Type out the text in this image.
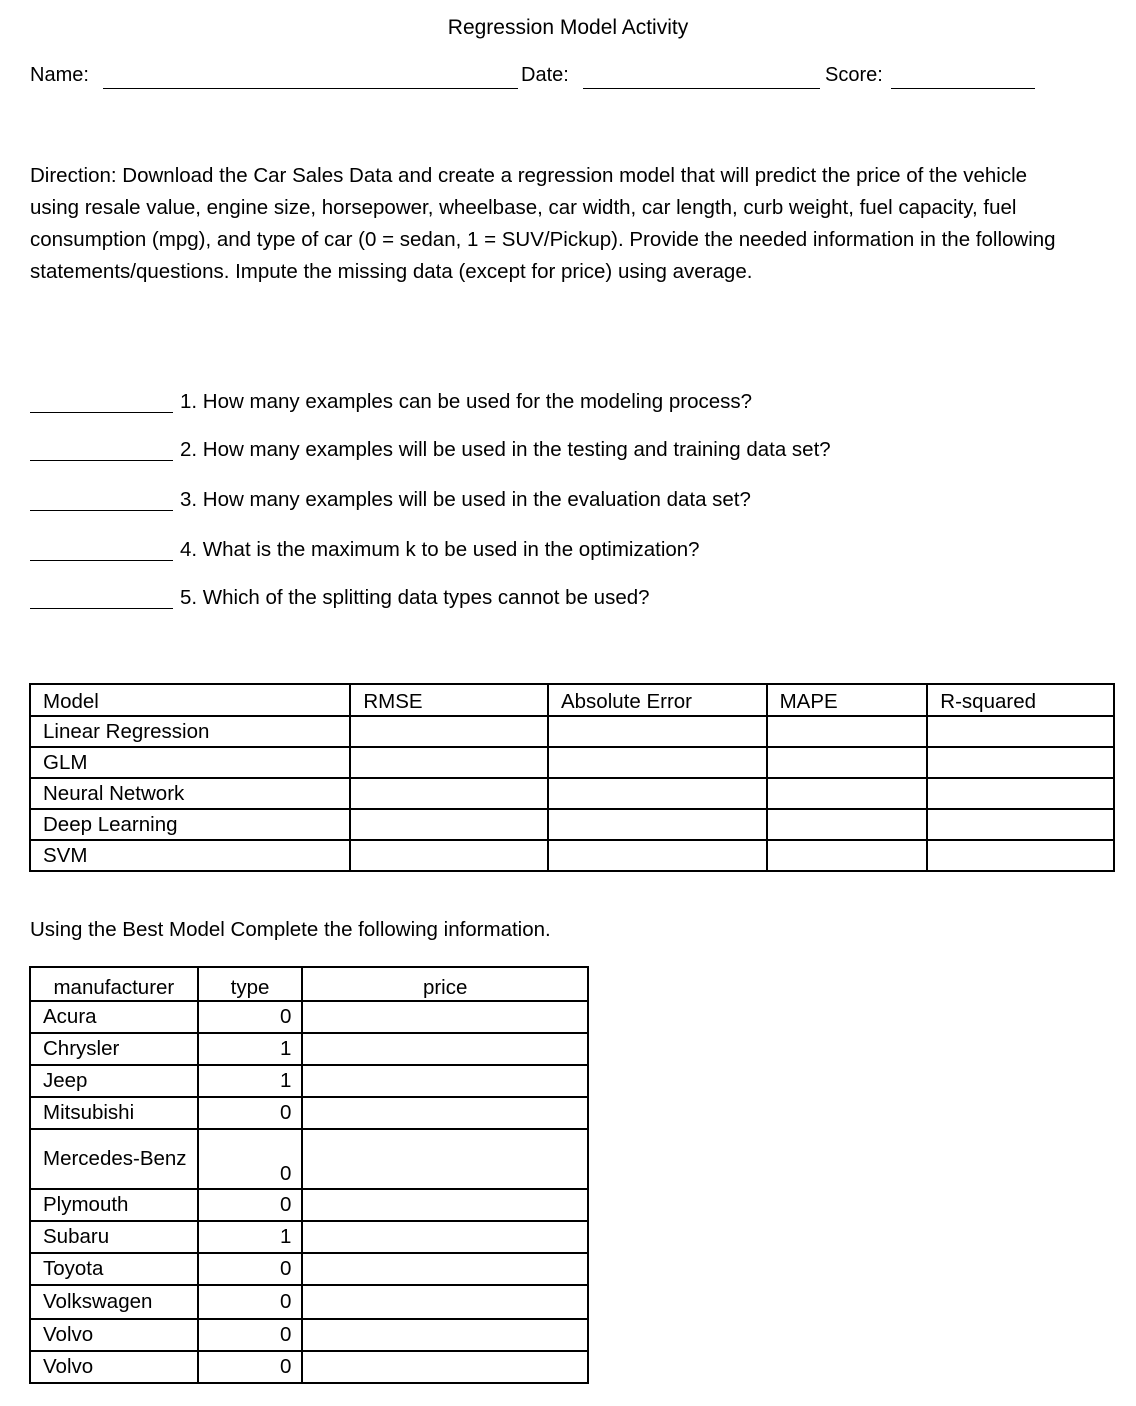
Regression Model Activity
Name:	Date:	Score:
Direction: Download the Car Sales Data and create a regression model that will predict the price of the vehicle using resale value, engine size, horsepower, wheelbase, car width, car length, curb weight, fuel capacity, fuel consumption (mpg), and type of car (0 = sedan, 1 = SUV/Pickup). Provide the needed information in the following statements/questions. Impute the missing data (except for price) using average.
1. How many examples can be used for the modeling process?
2. How many examples will be used in the testing and training data set?
3. How many examples will be used in the evaluation data set?
4. What is the maximum k to be used in the optimization?
5. Which of the splitting data types cannot be used?
Model	RMSE	Absolute Error	MAPE	R-squared
Linear Regression				
GLM				
Neural Network				
Deep Learning				
SVM				
Using the Best Model Complete the following information.
manufacturer	type	price
Acura	0	
Chrysler	1	
Jeep	1	
Mitsubishi	0	
Mercedes-Benz	0	
Plymouth	0	
Subaru	1	
Toyota	0	
Volkswagen	0	
Volvo	0	
Volvo	0	
